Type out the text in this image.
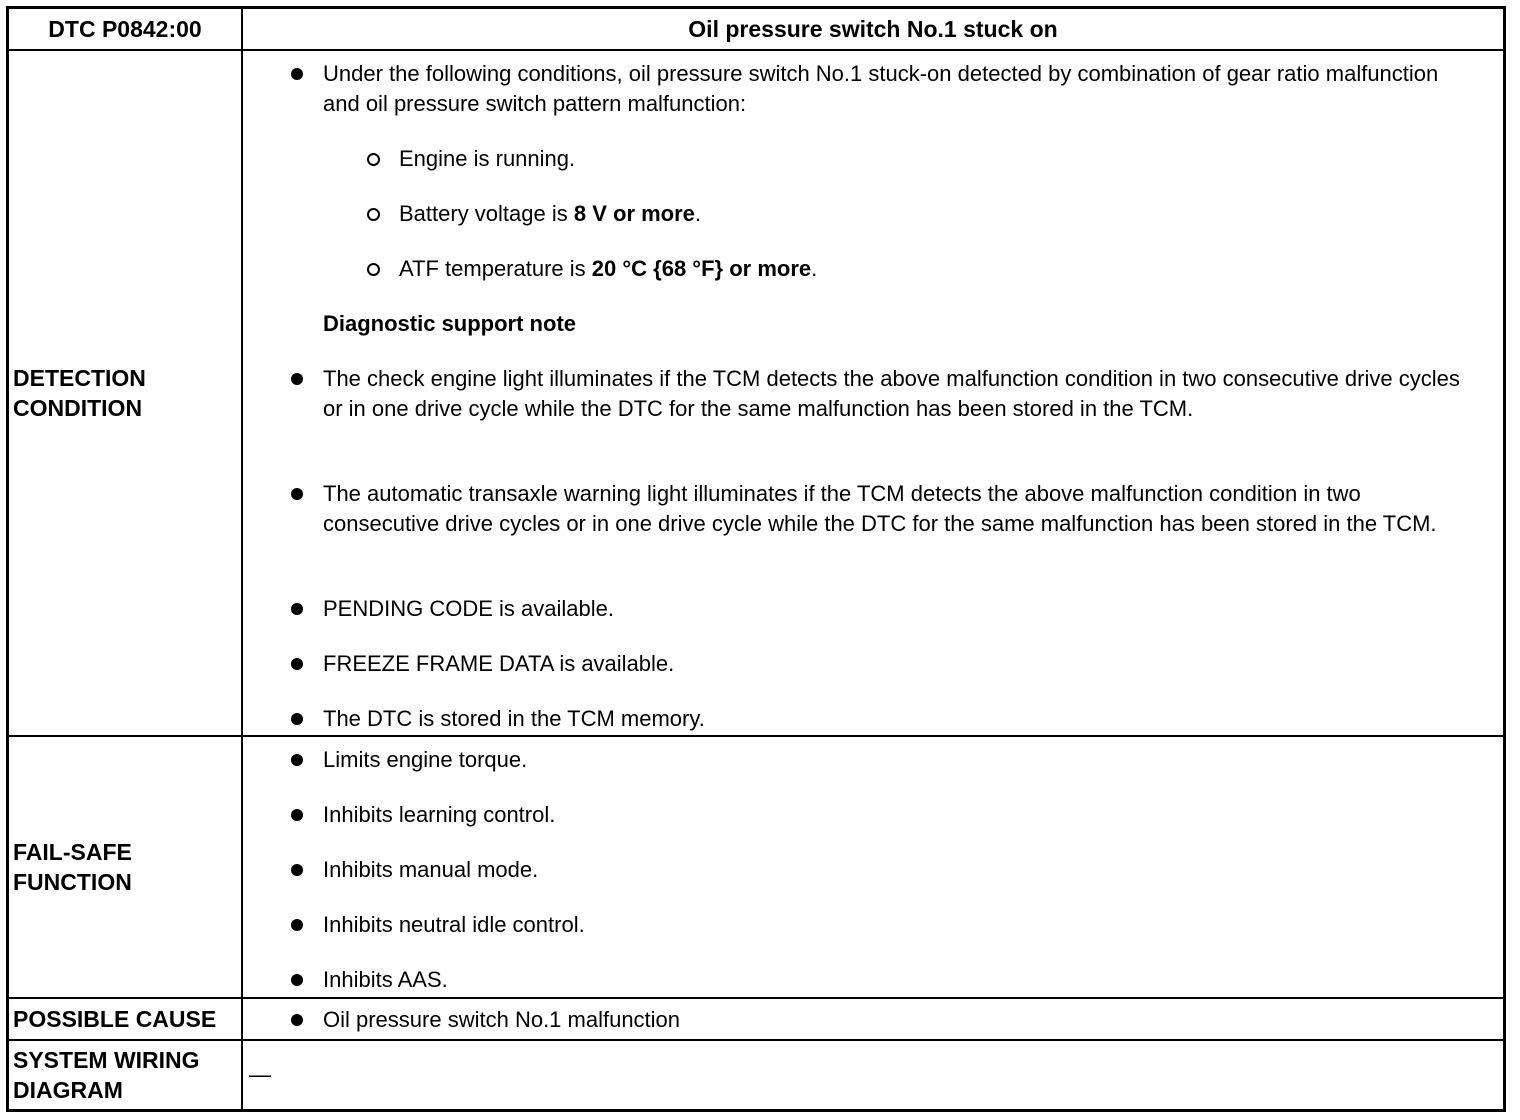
DTC P0842:00	Oil pressure switch No.1 stuck on
DETECTION
CONDITION
Under the following conditions, oil pressure switch No.1 stuck-on detected by combination of gear ratio malfunction and oil pressure switch pattern malfunction:
Engine is running.
Battery voltage is 8 V or more.
ATF temperature is 20 °C {68 °F} or more.
Diagnostic support note
The check engine light illuminates if the TCM detects the above malfunction condition in two consecutive drive cycles or in one drive cycle while the DTC for the same malfunction has been stored in the TCM.
The automatic transaxle warning light illuminates if the TCM detects the above malfunction condition in two consecutive drive cycles or in one drive cycle while the DTC for the same malfunction has been stored in the TCM.
PENDING CODE is available.
FREEZE FRAME DATA is available.
The DTC is stored in the TCM memory.
FAIL-SAFE
FUNCTION
Limits engine torque.
Inhibits learning control.
Inhibits manual mode.
Inhibits neutral idle control.
Inhibits AAS.
POSSIBLE CAUSE	Oil pressure switch No.1 malfunction
SYSTEM WIRING
DIAGRAM
—
